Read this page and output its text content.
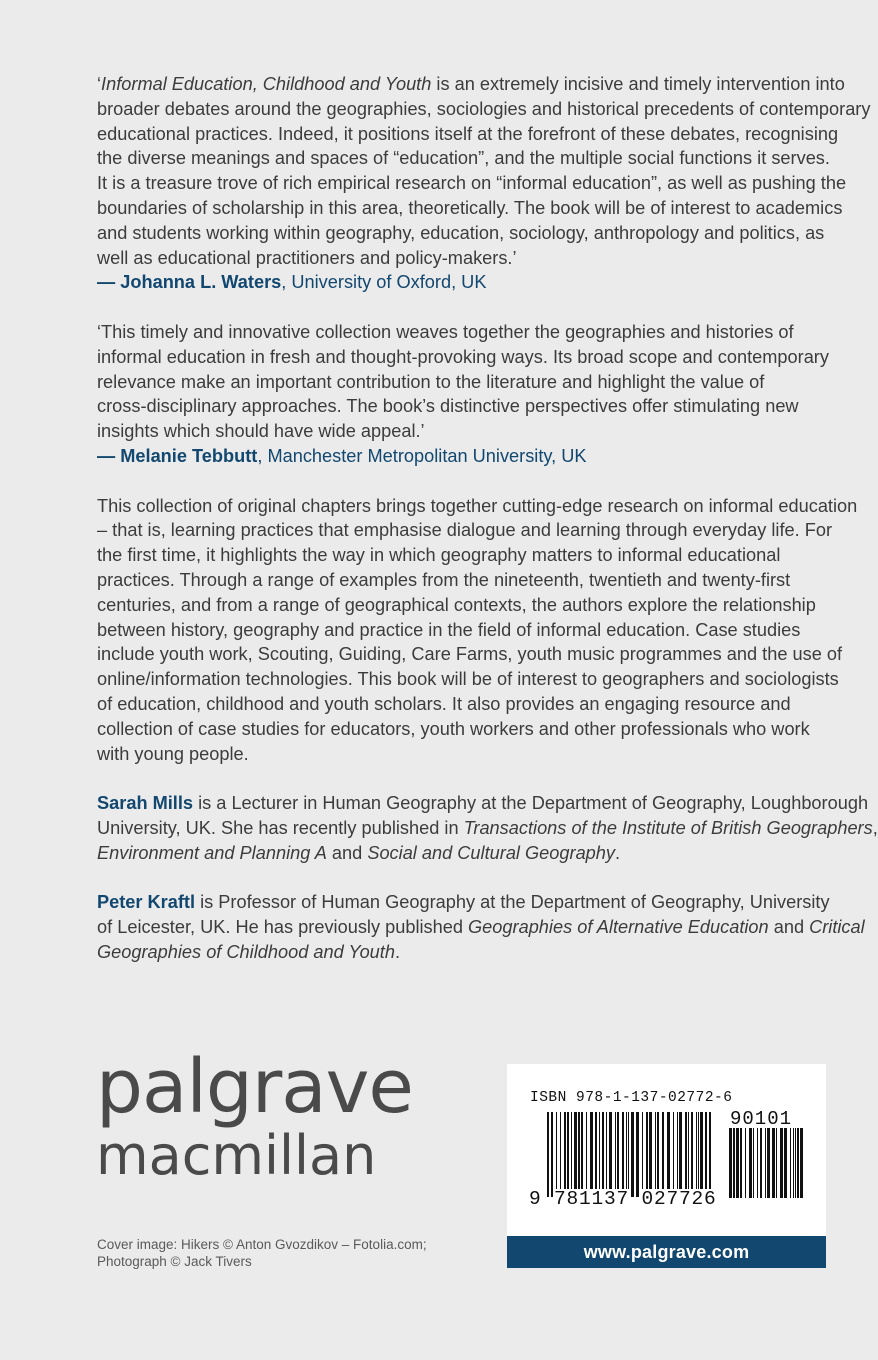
‘Informal Education, Childhood and Youth is an extremely incisive and timely intervention into

broader debates around the geographies, sociologies and historical precedents of contemporary

educational practices. Indeed, it positions itself at the forefront of these debates, recognising

the diverse meanings and spaces of “education”, and the multiple social functions it serves.

It is a treasure trove of rich empirical research on “informal education”, as well as pushing the

boundaries of scholarship in this area, theoretically. The book will be of interest to academics

and students working within geography, education, sociology, anthropology and politics, as

well as educational practitioners and policy-makers.’

— Johanna L. Waters, University of Oxford, UK

‘This timely and innovative collection weaves together the geographies and histories of

informal education in fresh and thought-provoking ways. Its broad scope and contemporary

relevance make an important contribution to the literature and highlight the value of

cross-disciplinary approaches. The book’s distinctive perspectives offer stimulating new

insights which should have wide appeal.’

— Melanie Tebbutt, Manchester Metropolitan University, UK

This collection of original chapters brings together cutting-edge research on informal education

– that is, learning practices that emphasise dialogue and learning through everyday life. For

the first time, it highlights the way in which geography matters to informal educational

practices. Through a range of examples from the nineteenth, twentieth and twenty-first

centuries, and from a range of geographical contexts, the authors explore the relationship

between history, geography and practice in the field of informal education. Case studies

include youth work, Scouting, Guiding, Care Farms, youth music programmes and the use of

online/information technologies. This book will be of interest to geographers and sociologists

of education, childhood and youth scholars. It also provides an engaging resource and

collection of case studies for educators, youth workers and other professionals who work

with young people.

Sarah Mills is a Lecturer in Human Geography at the Department of Geography, Loughborough

University, UK. She has recently published in Transactions of the Institute of British Geographers,

Environment and Planning A and Social and Cultural Geography.

Peter Kraftl is Professor of Human Geography at the Department of Geography, University

of Leicester, UK. He has previously published Geographies of Alternative Education and Critical

Geographies of Childhood and Youth.

palgrave
macmillan
Cover image: Hikers © Anton Gvozdikov – Fotolia.com;
Photograph © Jack Tivers
ISBN 978-1-137-02772-6
90101
9 781137 027726
www.palgrave.com
